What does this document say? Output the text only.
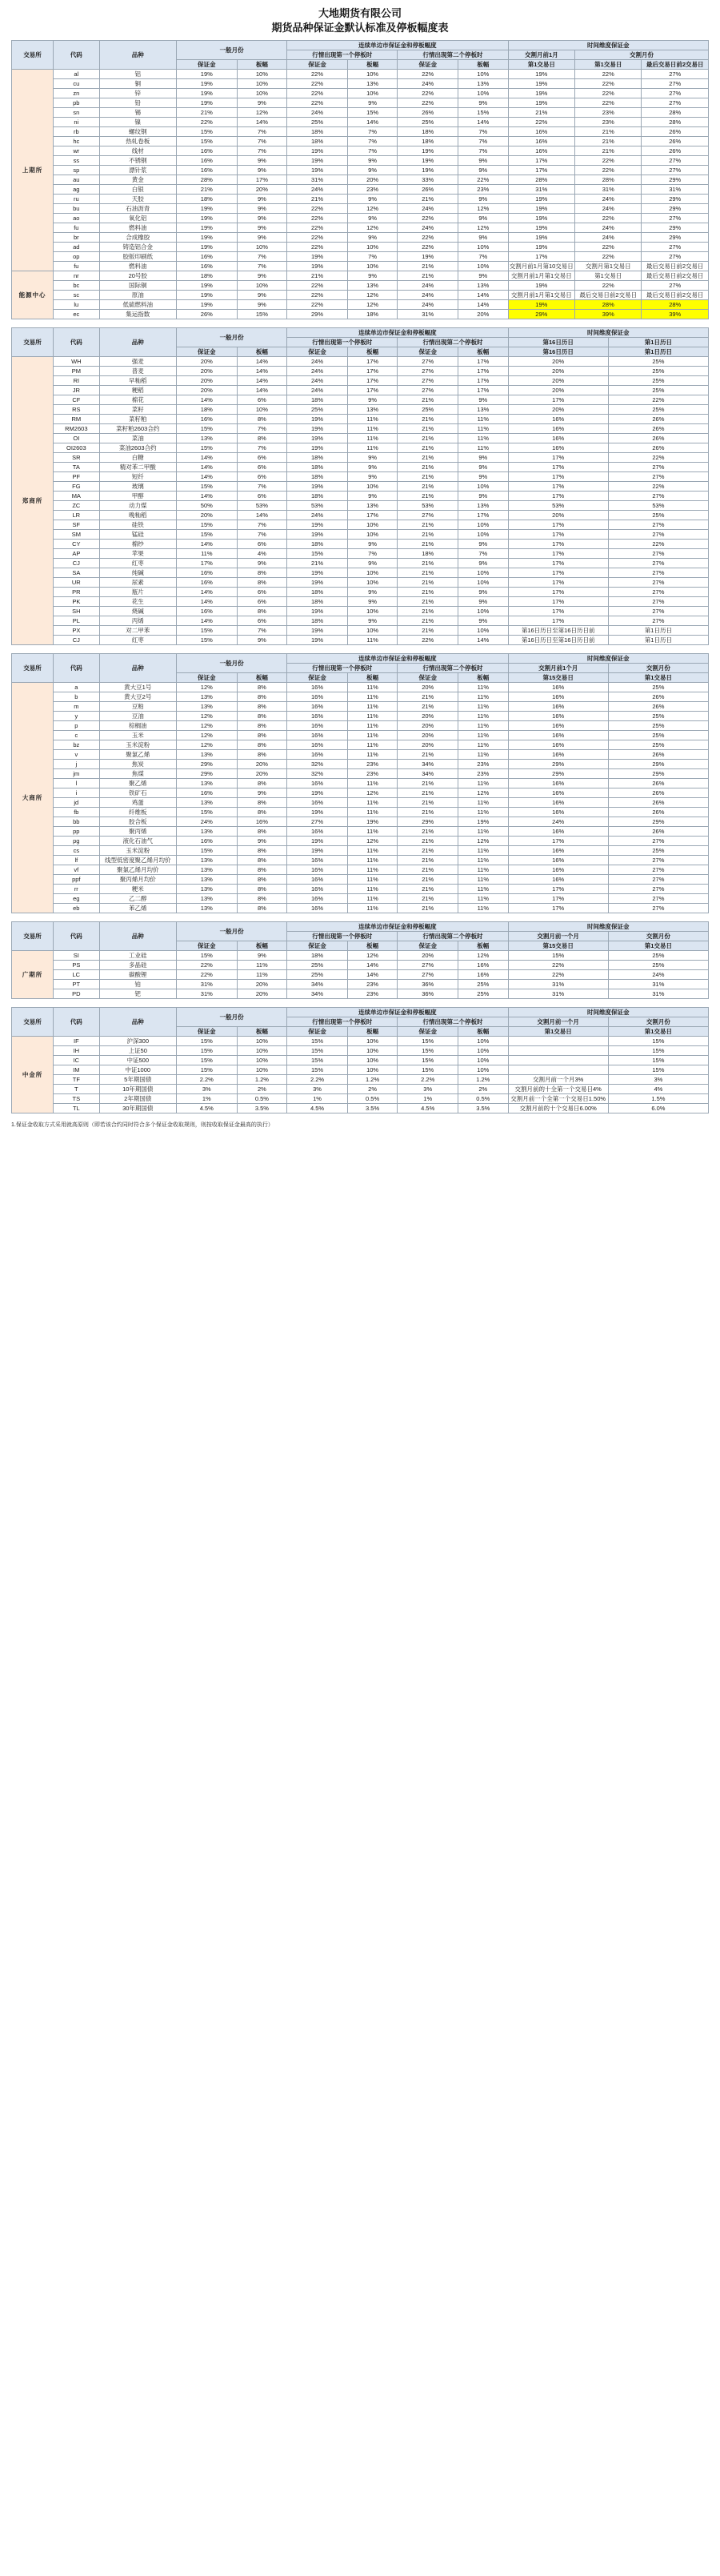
大地期货有限公司
期货品种保证金默认标准及停板幅度表
交易所	代码	品种	一般月份		连续单边市保证金和停板幅度				时间维度保证金		
					行情出现第一个停板时		行情出现第二个停板时		交割月前1月	交割月份	
			保证金	板幅	保证金	板幅	保证金	板幅	第1交易日	第1交易日	最后交易日前2交易日
上期所	al	铝	19%	10%	22%	10%	22%	10%	19%	22%	27%
	cu	铜	19%	10%	22%	13%	24%	13%	19%	22%	27%
	zn	锌	19%	10%	22%	10%	22%	10%	19%	22%	27%
	pb	铅	19%	9%	22%	9%	22%	9%	19%	22%	27%
	sn	锡	21%	12%	24%	15%	26%	15%	21%	23%	28%
	ni	镍	22%	14%	25%	14%	25%	14%	22%	23%	28%
	rb	螺纹钢	15%	7%	18%	7%	18%	7%	16%	21%	26%
	hc	热轧卷板	15%	7%	18%	7%	18%	7%	16%	21%	26%
	wr	线材	16%	7%	19%	7%	19%	7%	16%	21%	26%
	ss	不锈钢	16%	9%	19%	9%	19%	9%	17%	22%	27%
	sp	漂针浆	16%	9%	19%	9%	19%	9%	17%	22%	27%
	au	黄金	28%	17%	31%	20%	33%	22%	28%	28%	29%
	ag	白银	21%	20%	24%	23%	26%	23%	31%	31%	31%
	ru	天胶	18%	9%	21%	9%	21%	9%	19%	24%	29%
	bu	石油沥青	19%	9%	22%	12%	24%	12%	19%	24%	29%
	ao	氧化铝	19%	9%	22%	9%	22%	9%	19%	22%	27%
	fu	燃料油	19%	9%	22%	12%	24%	12%	19%	24%	29%
	br	合成橡胶	19%	9%	22%	9%	22%	9%	19%	24%	29%
	ad	铸造铝合金	19%	10%	22%	10%	22%	10%	19%	22%	27%
	op	胶版印刷纸	16%	7%	19%	7%	19%	7%	17%	22%	27%
	fu	燃料油	16%	7%	19%	10%	21%	10%	交割月前1月第10交易日	交割月第1交易日	最后交易日前2交易日
能源中心	nr	20号胶	18%	9%	21%	9%	21%	9%	交割月前1月第1交易日	第1交易日	最后交易日前2交易日
	bc	国际铜	19%	10%	22%	13%	24%	13%	19%	22%	27%
	sc	原油	19%	9%	22%	12%	24%	14%	交割月前1月第1交易日	最后交易日前2交易日	最后交易日前2交易日
	lu	低硫燃料油	19%	9%	22%	12%	24%	14%	19%	28%	28%
	ec	集运指数	26%	15%	29%	18%	31%	20%	29%	39%	39%
交易所	代码	品种	一般月份		连续单边市保证金和停板幅度				时间维度保证金	
					行情出现第一个停板时		行情出现第二个停板时		第16日历日	第1日历日
			保证金	板幅	保证金	板幅	保证金	板幅	第16日历日	第1日历日
郑商所	WH	强麦	20%	14%	24%	17%	27%	17%	20%	25%
	PM	普麦	20%	14%	24%	17%	27%	17%	20%	25%
	RI	早籼稻	20%	14%	24%	17%	27%	17%	20%	25%
	JR	粳稻	20%	14%	24%	17%	27%	17%	20%	25%
	CF	棉花	14%	6%	18%	9%	21%	9%	17%	22%
	RS	菜籽	18%	10%	25%	13%	25%	13%	20%	25%
	RM	菜籽粕	16%	8%	19%	11%	21%	11%	16%	26%
	RM2603	菜籽粕2603合约	15%	7%	19%	11%	21%	11%	16%	26%
	OI	菜油	13%	8%	19%	11%	21%	11%	16%	26%
	OI2603	菜油2603合约	15%	7%	19%	11%	21%	11%	16%	26%
	SR	白糖	14%	6%	18%	9%	21%	9%	17%	22%
	TA	精对苯二甲酸	14%	6%	18%	9%	21%	9%	17%	27%
	PF	短纤	14%	6%	18%	9%	21%	9%	17%	27%
	FG	玻璃	15%	7%	19%	10%	21%	10%	17%	22%
	MA	甲醇	14%	6%	18%	9%	21%	9%	17%	27%
	ZC	动力煤	50%	53%	53%	13%	53%	13%	53%	53%
	LR	晚籼稻	20%	14%	24%	17%	27%	17%	20%	25%
	SF	硅铁	15%	7%	19%	10%	21%	10%	17%	27%
	SM	锰硅	15%	7%	19%	10%	21%	10%	17%	27%
	CY	棉纱	14%	6%	18%	9%	21%	9%	17%	22%
	AP	苹果	11%	4%	15%	7%	18%	7%	17%	27%
	CJ	红枣	17%	9%	21%	9%	21%	9%	17%	27%
	SA	纯碱	16%	8%	19%	10%	21%	10%	17%	27%
	UR	尿素	16%	8%	19%	10%	21%	10%	17%	27%
	PR	瓶片	14%	6%	18%	9%	21%	9%	17%	27%
	PK	花生	14%	6%	18%	9%	21%	9%	17%	27%
	SH	烧碱	16%	8%	19%	10%	21%	10%	17%	27%
	PL	丙烯	14%	6%	18%	9%	21%	9%	17%	27%
	PX	对二甲苯	15%	7%	19%	10%	21%	10%	第16日历日至第16日历日前	第1日历日
	CJ	红枣	15%	9%	19%	11%	22%	14%	第16日历日至第16日历日前	第1日历日
交易所	代码	品种	一般月份		连续单边市保证金和停板幅度				时间维度保证金	
					行情出现第一个停板时		行情出现第二个停板时		交割月前1个月	交割月份
			保证金	板幅	保证金	板幅	保证金	板幅	第15交易日	第1交易日
大商所	a	黄大豆1号	12%	8%	16%	11%	20%	11%	16%	25%
	b	黄大豆2号	13%	8%	16%	11%	21%	11%	16%	26%
	m	豆粕	13%	8%	16%	11%	21%	11%	16%	26%
	y	豆油	12%	8%	16%	11%	20%	11%	16%	25%
	p	棕榈油	12%	8%	16%	11%	20%	11%	16%	25%
	c	玉米	12%	8%	16%	11%	20%	11%	16%	25%
	bz	玉米淀粉	12%	8%	16%	11%	20%	11%	16%	25%
	v	聚氯乙烯	13%	8%	16%	11%	21%	11%	16%	26%
	j	焦炭	29%	20%	32%	23%	34%	23%	29%	29%
	jm	焦煤	29%	20%	32%	23%	34%	23%	29%	29%
	l	聚乙烯	13%	8%	16%	11%	21%	11%	16%	26%
	i	铁矿石	16%	9%	19%	12%	21%	12%	16%	26%
	jd	鸡蛋	13%	8%	16%	11%	21%	11%	16%	26%
	fb	纤维板	15%	8%	19%	11%	21%	11%	16%	26%
	bb	胶合板	24%	16%	27%	19%	29%	19%	24%	29%
	pp	聚丙烯	13%	8%	16%	11%	21%	11%	16%	26%
	pg	液化石油气	16%	9%	19%	12%	21%	12%	17%	27%
	cs	玉米淀粉	15%	8%	19%	11%	21%	11%	16%	25%
	lf	线型低密度聚乙烯月均价	13%	8%	16%	11%	21%	11%	16%	27%
	vf	聚氯乙烯月均价	13%	8%	16%	11%	21%	11%	16%	27%
	ppf	聚丙烯月均价	13%	8%	16%	11%	21%	11%	16%	27%
	rr	粳米	13%	8%	16%	11%	21%	11%	17%	27%
	eg	乙二醇	13%	8%	16%	11%	21%	11%	17%	27%
	eb	苯乙烯	13%	8%	16%	11%	21%	11%	17%	27%
交易所	代码	品种	一般月份		连续单边市保证金和停板幅度				时间维度保证金	
					行情出现第一个停板时		行情出现第二个停板时		交割月前一个月	交割月份
			保证金	板幅	保证金	板幅	保证金	板幅	第15交易日	第1交易日
广期所	SI	工业硅	15%	9%	18%	12%	20%	12%	15%	25%
	PS	多晶硅	22%	11%	25%	14%	27%	16%	22%	25%
	LC	碳酸锂	22%	11%	25%	14%	27%	16%	22%	24%
	PT	铂	31%	20%	34%	23%	36%	25%	31%	31%
	PD	钯	31%	20%	34%	23%	36%	25%	31%	31%
交易所	代码	品种	一般月份		连续单边市保证金和停板幅度				时间维度保证金	
					行情出现第一个停板时		行情出现第二个停板时		交割月前一个月	交割月份
			保证金	板幅	保证金	板幅	保证金	板幅	第1交易日	第1交易日
中金所	IF	沪深300	15%	10%	15%	10%	15%	10%		15%
	IH	上证50	15%	10%	15%	10%	15%	10%		15%
	IC	中证500	15%	10%	15%	10%	15%	10%		15%
	IM	中证1000	15%	10%	15%	10%	15%	10%		15%
	TF	5年期国债	2.2%	1.2%	2.2%	1.2%	2.2%	1.2%	交割月前一个月3%	3%
	T	10年期国债	3%	2%	3%	2%	3%	2%	交割月前的十全第一个交易日4%	4%
	TS	2年期国债	1%	0.5%	1%	0.5%	1%	0.5%	交割月前一个全第一个交易日1.50%	1.5%
	TL	30年期国债	4.5%	3.5%	4.5%	3.5%	4.5%	3.5%	交割月前的十个交易日6.00%	6.0%
1.保证金收取方式采用就高原则（即若该合约同时符合多个保证金收取规则，则按收取保证金最高的执行）
